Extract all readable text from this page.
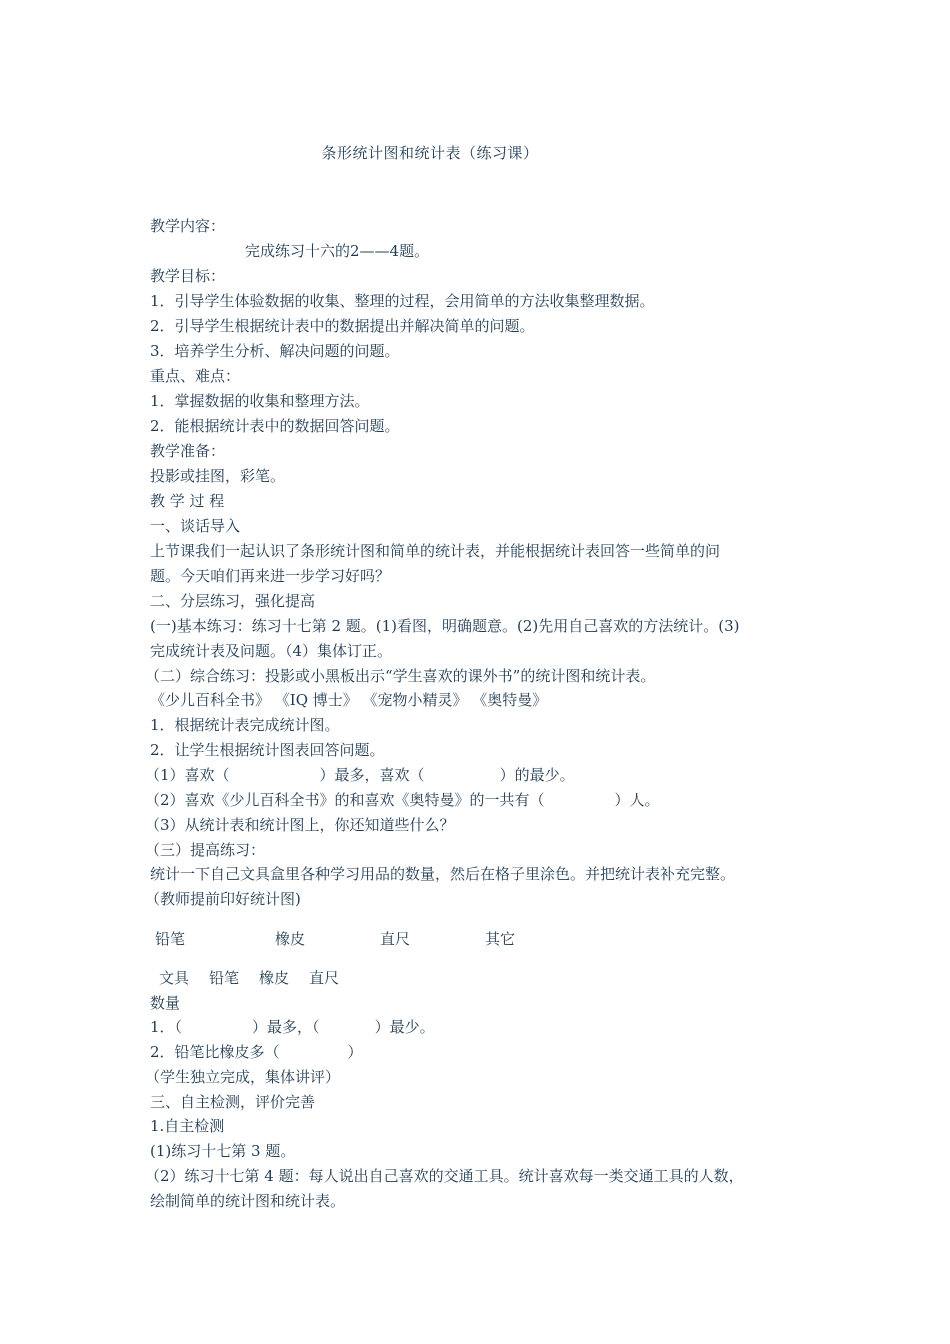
条形统计图和统计表（练习课）
教学内容：
完成练习十六的2——4题。
教学目标：
1．引导学生体验数据的收集、整理的过程，会用简单的方法收集整理数据。
2．引导学生根据统计表中的数据提出并解决简单的问题。
3．培养学生分析、解决问题的问题。
重点、难点：
1．掌握数据的收集和整理方法。
2．能根据统计表中的数据回答问题。
教学准备：
投影或挂图，彩笔。
教 学 过 程
一、谈话导入
上节课我们一起认识了条形统计图和简单的统计表，并能根据统计表回答一些简单的问
题。今天咱们再来进一步学习好吗？
二、分层练习，强化提高
(一)基本练习：练习十七第 2 题。(1)看图，明确题意。(2)先用自己喜欢的方法统计。(3)
完成统计表及问题。（4）集体订正。
（二）综合练习：投影或小黑板出示“学生喜欢的课外书”的统计图和统计表。
《少儿百科全书》 《IQ 博士》 《宠物小精灵》 《奥特曼》
1．根据统计表完成统计图。
2．让学生根据统计图表回答问题。
（1）喜欢（	）最多，喜欢（	）的最少。
（2）喜欢《少儿百科全书》的和喜欢《奥特曼》的一共有（	）人。
（3）从统计表和统计图上，你还知道些什么？
（三）提高练习：
统计一下自己文具盒里各种学习用品的数量，然后在格子里涂色。并把统计表补充完整。
（教师提前印好统计图)
铅笔	橡皮	直尺	其它
文具 铅笔 橡皮 直尺
数量
1．（	）最多，（	）最少。
2．铅笔比橡皮多（	）
（学生独立完成，集体讲评）
三、自主检测，评价完善
1.自主检测
(1)练习十七第 3 题。
（2）练习十七第 4 题：每人说出自己喜欢的交通工具。统计喜欢每一类交通工具的人数，
绘制简单的统计图和统计表。
